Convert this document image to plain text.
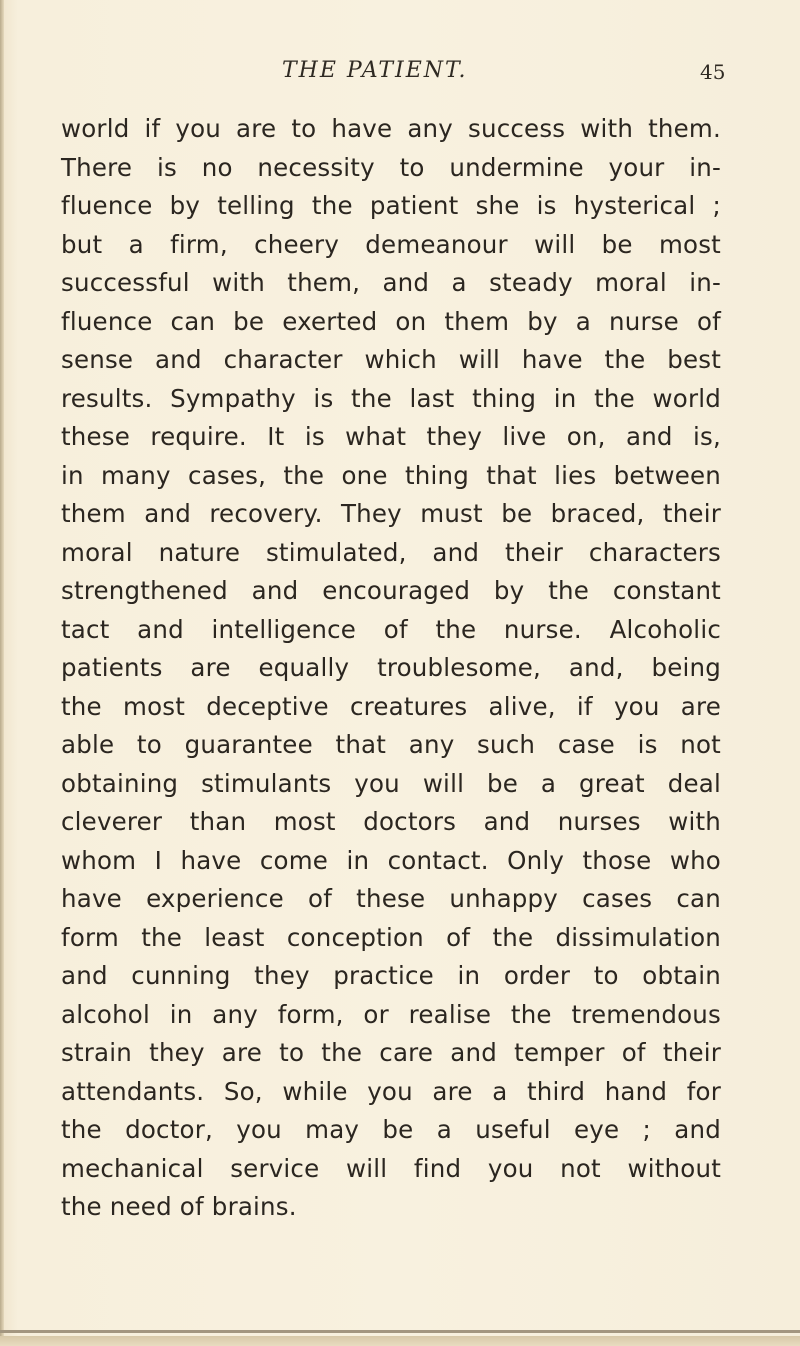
THE PATIENT.	45
world if you are to have any success with them.
There is no necessity to undermine your in-
fluence by telling the patient she is hysterical ;
but a firm, cheery demeanour will be most
successful with them, and a steady moral in-
fluence can be exerted on them by a nurse of
sense and character which will have the best
results. Sympathy is the last thing in the world
these require. It is what they live on, and is,
in many cases, the one thing that lies between
them and recovery. They must be braced, their
moral nature stimulated, and their characters
strengthened and encouraged by the constant
tact and intelligence of the nurse. Alcoholic
patients are equally troublesome, and, being
the most deceptive creatures alive, if you are
able to guarantee that any such case is not
obtaining stimulants you will be a great deal
cleverer than most doctors and nurses with
whom I have come in contact. Only those who
have experience of these unhappy cases can
form the least conception of the dissimulation
and cunning they practice in order to obtain
alcohol in any form, or realise the tremendous
strain they are to the care and temper of their
attendants. So, while you are a third hand for
the doctor, you may be a useful eye ; and
mechanical service will find you not without
the need of brains.
